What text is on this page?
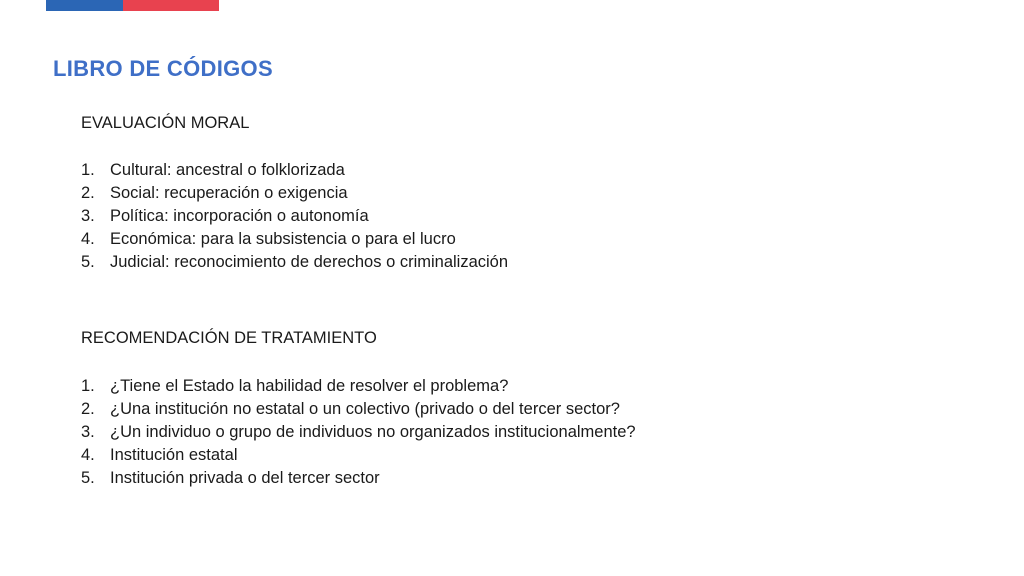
LIBRO DE CÓDIGOS
EVALUACIÓN MORAL
1. Cultural: ancestral o folklorizada
2. Social: recuperación o exigencia
3. Política: incorporación o autonomía
4. Económica: para la subsistencia o para el lucro
5. Judicial: reconocimiento de derechos o criminalización
RECOMENDACIÓN DE TRATAMIENTO
1. ¿Tiene el Estado la habilidad de resolver el problema?
2. ¿Una institución no estatal o un colectivo (privado o del tercer sector?
3. ¿Un individuo o grupo de individuos no organizados institucionalmente?
4. Institución estatal
5. Institución privada o del tercer sector
